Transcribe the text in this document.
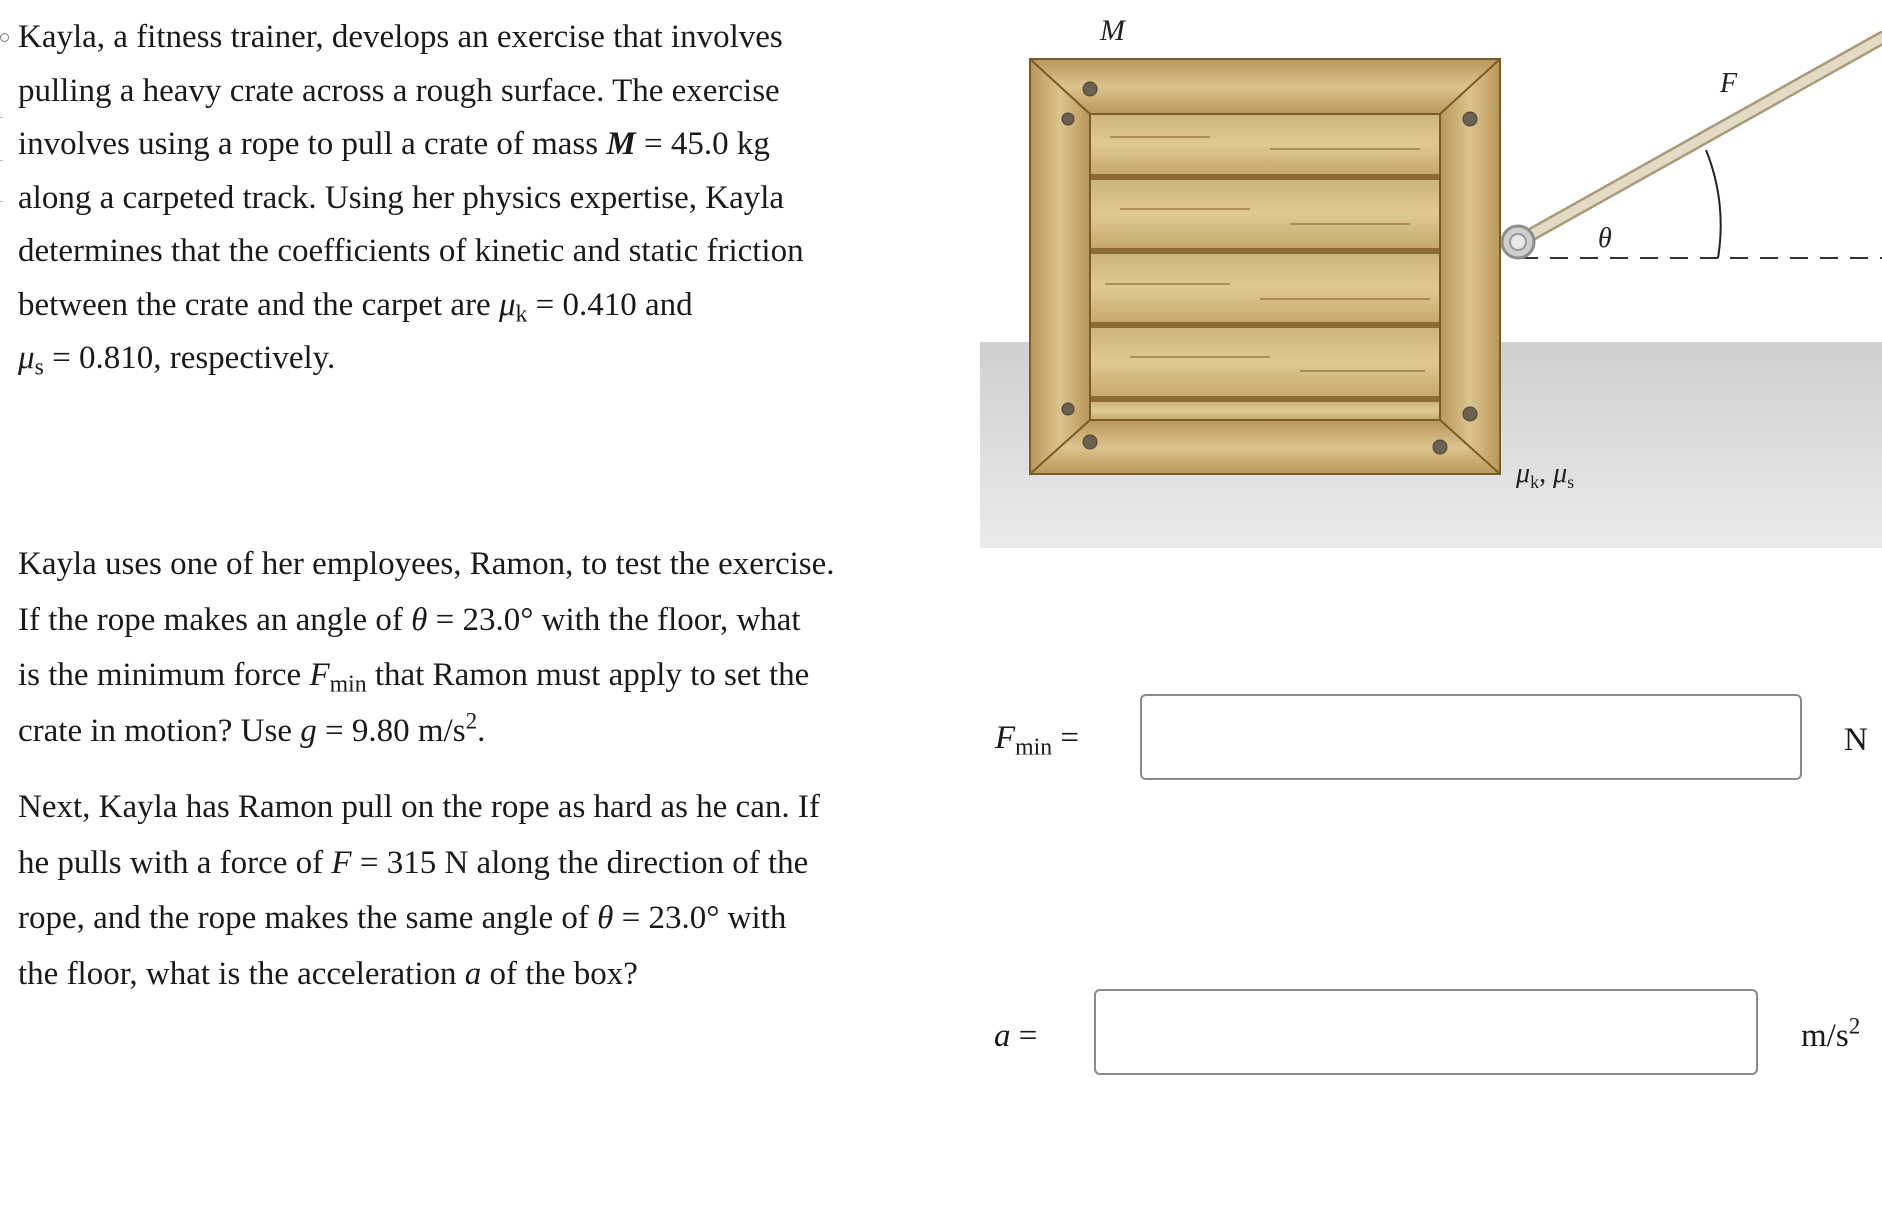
Kayla, a fitness trainer, develops an exercise that involves

pulling a heavy crate across a rough surface. The exercise

involves using a rope to pull a crate of mass M = 45.0 kg

along a carpeted track. Using her physics expertise, Kayla

determines that the coefficients of kinetic and static friction

between the crate and the carpet are $\mu_k = 0.410$ and

$\mu_s = 0.810$, respectively.

Kayla uses one of her employees, Ramon, to test the exercise.

If the rope makes an angle of θ = 23.0° with the floor, what

is the minimum force $F_{min}$ that Ramon must apply to set the

crate in motion? Use g = 9.80 $m/s^2$.

Next, Kayla has Ramon pull on the rope as hard as he can. If

he pulls with a force of F = 315 N along the direction of the

rope, and the rope makes the same angle of θ = 23.0° with

the floor, what is the acceleration a of the box?

M
F
θ
$\mu_k$, $\mu_s$
$F_{min}$ =	N
a =	$m/s^2$
